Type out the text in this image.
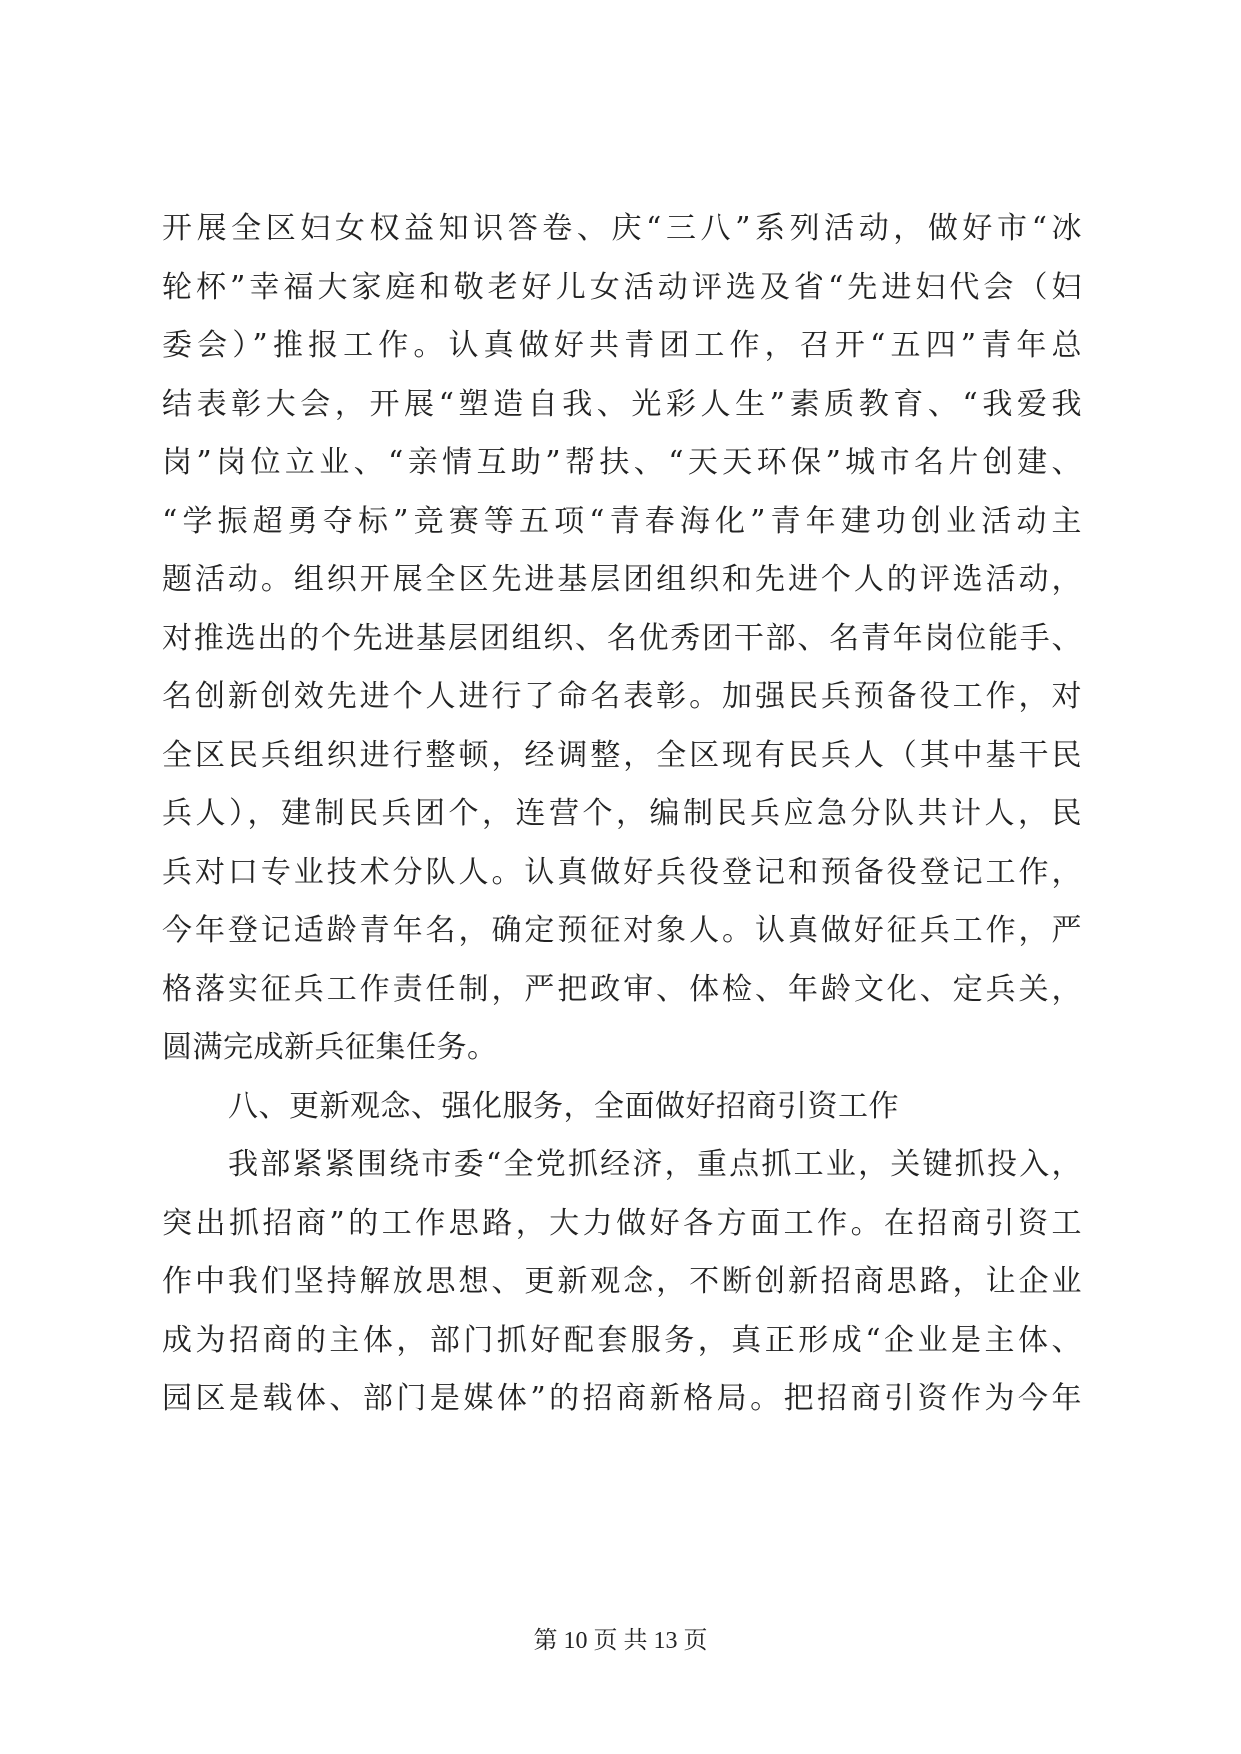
开展全区妇女权益知识答卷、庆“三八”系列活动，做好市“冰
轮杯”幸福大家庭和敬老好儿女活动评选及省“先进妇代会（妇
委会）”推报工作。认真做好共青团工作，召开“五四”青年总
结表彰大会，开展“塑造自我、光彩人生”素质教育、“我爱我
岗”岗位立业、“亲情互助”帮扶、“天天环保”城市名片创建、
“学振超勇夺标”竞赛等五项“青春海化”青年建功创业活动主
题活动。组织开展全区先进基层团组织和先进个人的评选活动，
对推选出的个先进基层团组织、名优秀团干部、名青年岗位能手、
名创新创效先进个人进行了命名表彰。加强民兵预备役工作，对
全区民兵组织进行整顿，经调整，全区现有民兵人（其中基干民
兵人），建制民兵团个，连营个，编制民兵应急分队共计人，民
兵对口专业技术分队人。认真做好兵役登记和预备役登记工作，
今年登记适龄青年名，确定预征对象人。认真做好征兵工作，严
格落实征兵工作责任制，严把政审、体检、年龄文化、定兵关，
圆满完成新兵征集任务。
八、更新观念、强化服务，全面做好招商引资工作
我部紧紧围绕市委“全党抓经济，重点抓工业，关键抓投入，
突出抓招商”的工作思路，大力做好各方面工作。在招商引资工
作中我们坚持解放思想、更新观念，不断创新招商思路，让企业
成为招商的主体，部门抓好配套服务，真正形成“企业是主体、
园区是载体、部门是媒体”的招商新格局。把招商引资作为今年
第 10 页 共 13 页
